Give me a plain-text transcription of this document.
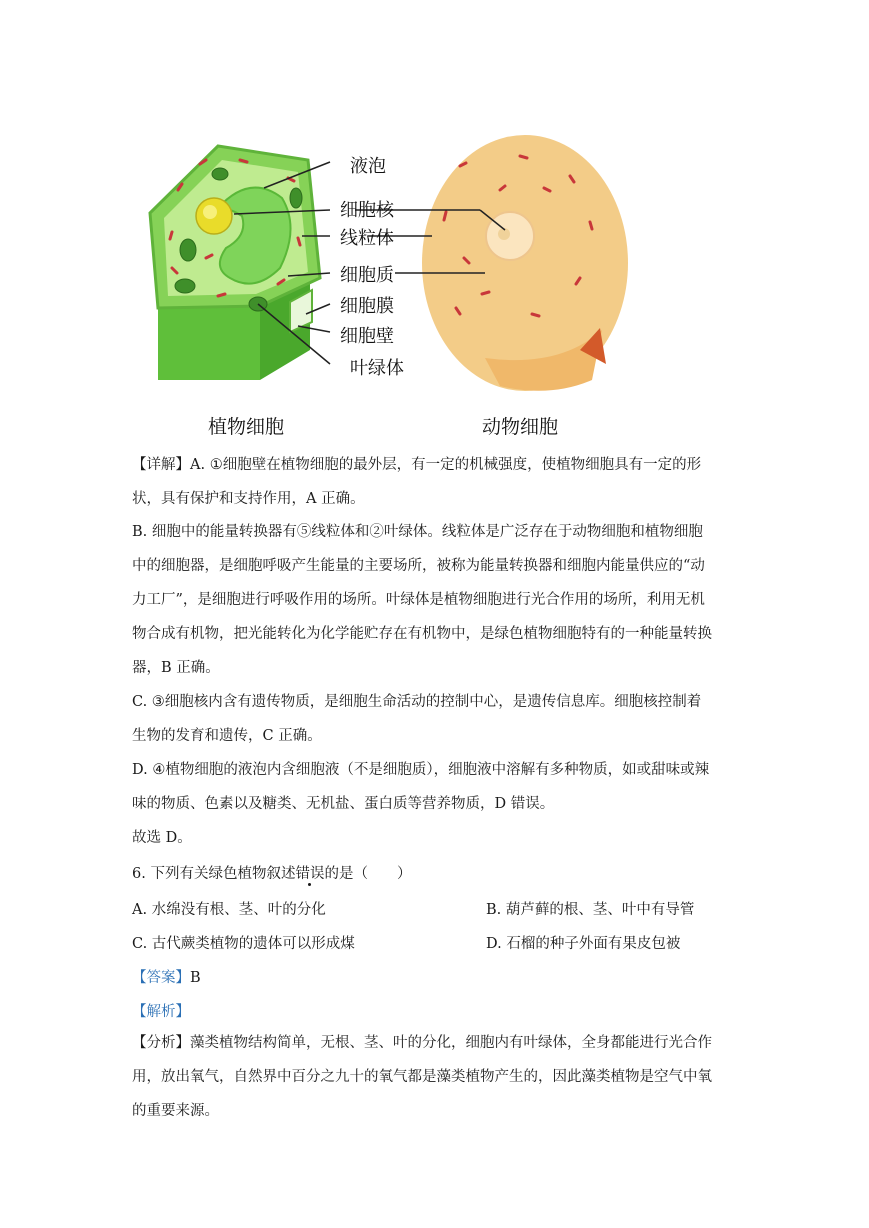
液泡
细胞核
线粒体
细胞质
细胞膜
细胞壁
叶绿体
植物细胞	动物细胞
【详解】A. ①细胞壁在植物细胞的最外层，有一定的机械强度，使植物细胞具有一定的形
状，具有保护和支持作用，A 正确。
B. 细胞中的能量转换器有⑤线粒体和②叶绿体。线粒体是广泛存在于动物细胞和植物细胞
中的细胞器，是细胞呼吸产生能量的主要场所，被称为能量转换器和细胞内能量供应的“动
力工厂”，是细胞进行呼吸作用的场所。叶绿体是植物细胞进行光合作用的场所，利用无机
物合成有机物，把光能转化为化学能贮存在有机物中，是绿色植物细胞特有的一种能量转换
器，B 正确。
C. ③细胞核内含有遗传物质，是细胞生命活动的控制中心，是遗传信息库。细胞核控制着
生物的发育和遗传，C 正确。
D. ④植物细胞的液泡内含细胞液（不是细胞质），细胞液中溶解有多种物质，如或甜味或辣
味的物质、色素以及糖类、无机盐、蛋白质等营养物质，D 错误。
故选 D。
6. 下列有关绿色植物叙述错误的是（　　）
A. 水绵没有根、茎、叶的分化	B. 葫芦藓的根、茎、叶中有导管
C. 古代蕨类植物的遗体可以形成煤	D. 石榴的种子外面有果皮包被
【答案】B
【解析】
【分析】藻类植物结构简单，无根、茎、叶的分化，细胞内有叶绿体，全身都能进行光合作
用，放出氧气，自然界中百分之九十的氧气都是藻类植物产生的，因此藻类植物是空气中氧
的重要来源。
